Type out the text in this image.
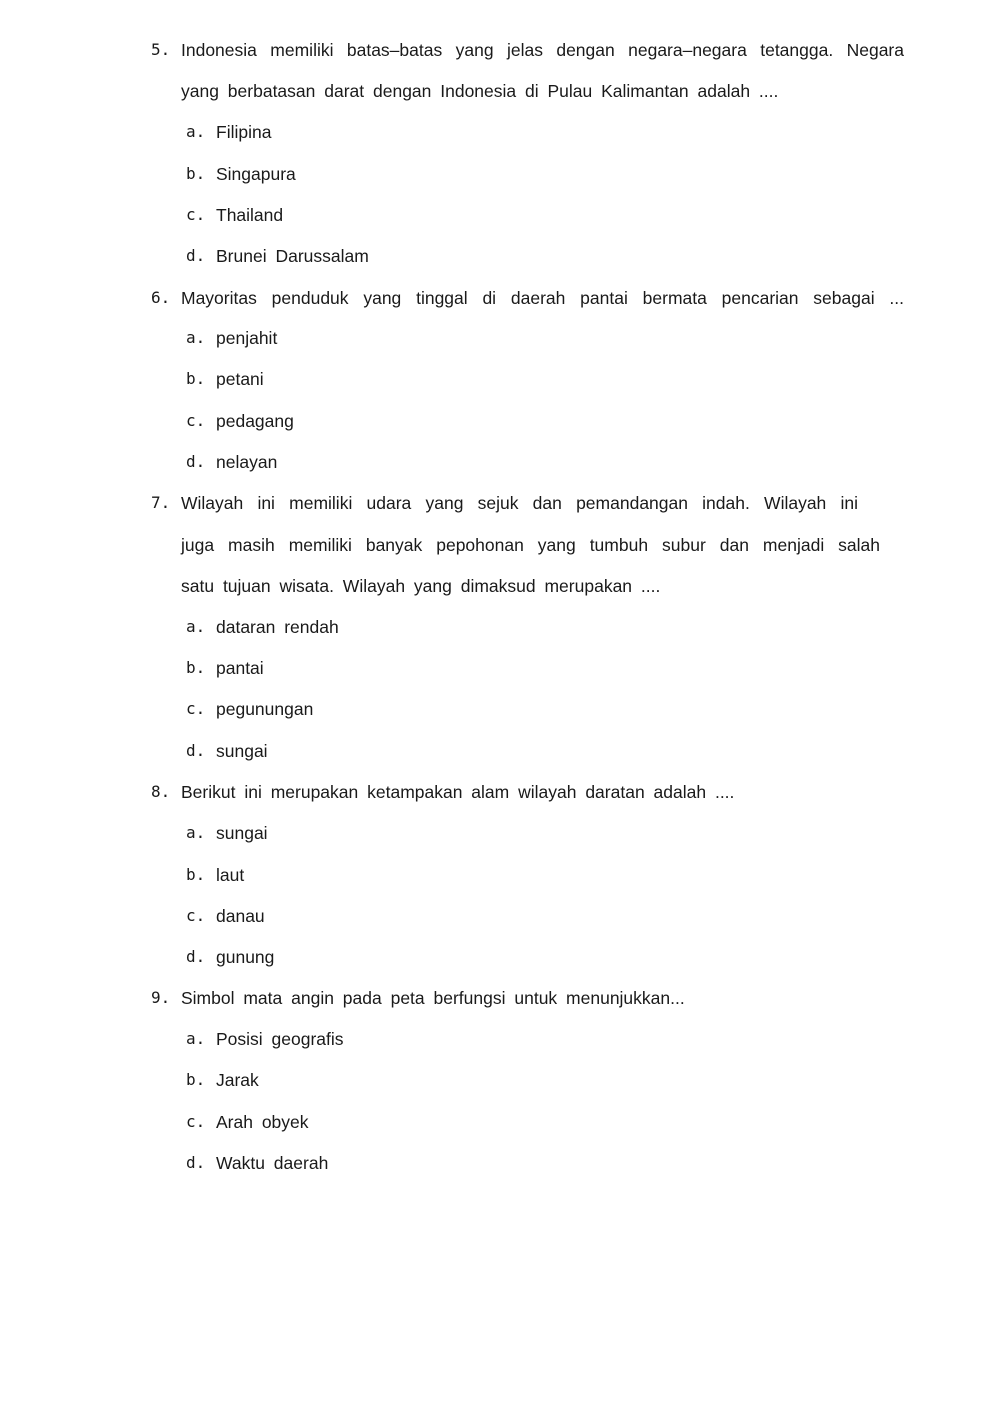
5. Indonesia memiliki batas–batas yang jelas dengan negara–negara tetangga. Negara
yang berbatasan darat dengan Indonesia di Pulau Kalimantan adalah ....
a. Filipina
b. Singapura
c. Thailand
d. Brunei Darussalam
6. Mayoritas penduduk yang tinggal di daerah pantai bermata pencarian sebagai ...
a. penjahit
b. petani
c. pedagang
d. nelayan
7. Wilayah ini memiliki udara yang sejuk dan pemandangan indah. Wilayah ini
juga masih memiliki banyak pepohonan yang tumbuh subur dan menjadi salah
satu tujuan wisata. Wilayah yang dimaksud merupakan ....
a. dataran rendah
b. pantai
c. pegunungan
d. sungai
8. Berikut ini merupakan ketampakan alam wilayah daratan adalah ....
a. sungai
b. laut
c. danau
d. gunung
9. Simbol mata angin pada peta berfungsi untuk menunjukkan...
a. Posisi geografis
b. Jarak
c. Arah obyek
d. Waktu daerah
